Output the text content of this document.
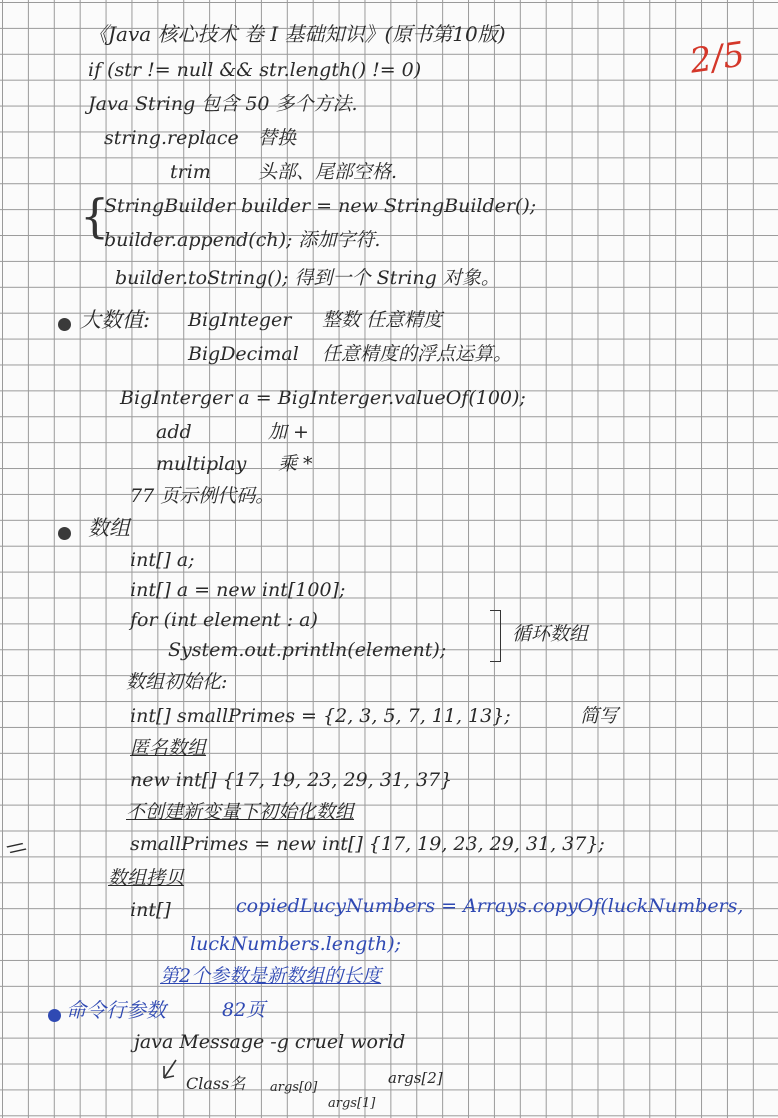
2/5
《Java 核心技术 卷 I 基础知识》(原书第10版)
if (str != null && str.length() != 0)
Java String 包含 50 多个方法.
string.replace 替换
trim 头部、尾部空格.
{
StringBuilder builder = new StringBuilder();
builder.append(ch); 添加字符.
builder.toString(); 得到一个 String 对象。
大数值: BigInteger 整数 任意精度
BigDecimal 任意精度的浮点运算。
BigInterger a = BigInterger.valueOf(100);
add	加 +
multiplay 乘 *
77 页示例代码。
数组
int[] a;
int[] a = new int[100];
for (int element : a)
System.out.println(element);
循环数组
数组初始化:
int[] smallPrimes = {2, 3, 5, 7, 11, 13};	简写
匿名数组
new int[] {17, 19, 23, 29, 31, 37}
不创建新变量下初始化数组
smallPrimes = new int[] {17, 19, 23, 29, 31, 37};
//
数组拷贝
int[]	copiedLucyNumbers = Arrays.copyOf(luckNumbers,
luckNumbers.length);
第2个参数是新数组的长度
命令行参数	82页
java Message -g cruel world
Class名 args[0]
args[1]
args[2]
